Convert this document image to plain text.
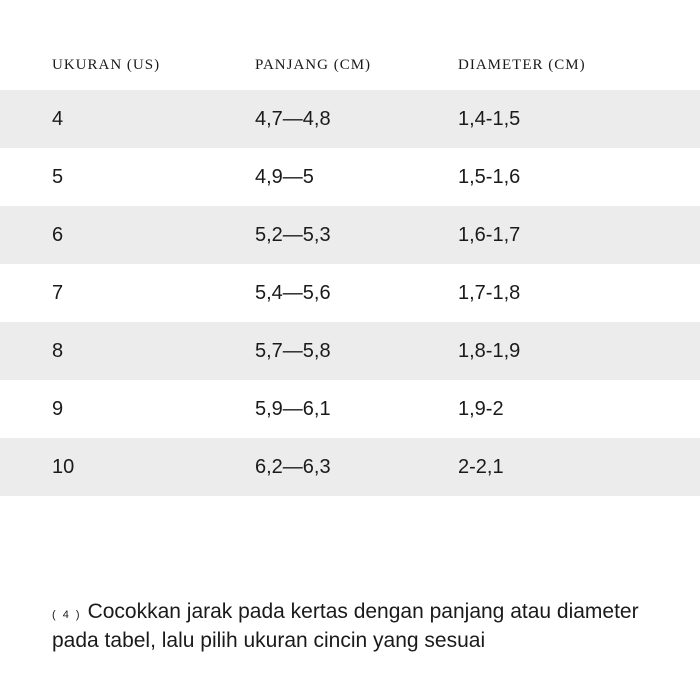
UKURAN (US)	PANJANG (CM)	DIAMETER (CM)
4	4,7—4,8	1,4-1,5
5	4,9—5	1,5-1,6
6	5,2—5,3	1,6-1,7
7	5,4—5,6	1,7-1,8
8	5,7—5,8	1,8-1,9
9	5,9—6,1	1,9-2
10	6,2—6,3	2-2,1
$^{( 4 )}$ Cocokkan jarak pada kertas dengan panjang atau diameter pada tabel, lalu pilih ukuran cincin yang sesuai
